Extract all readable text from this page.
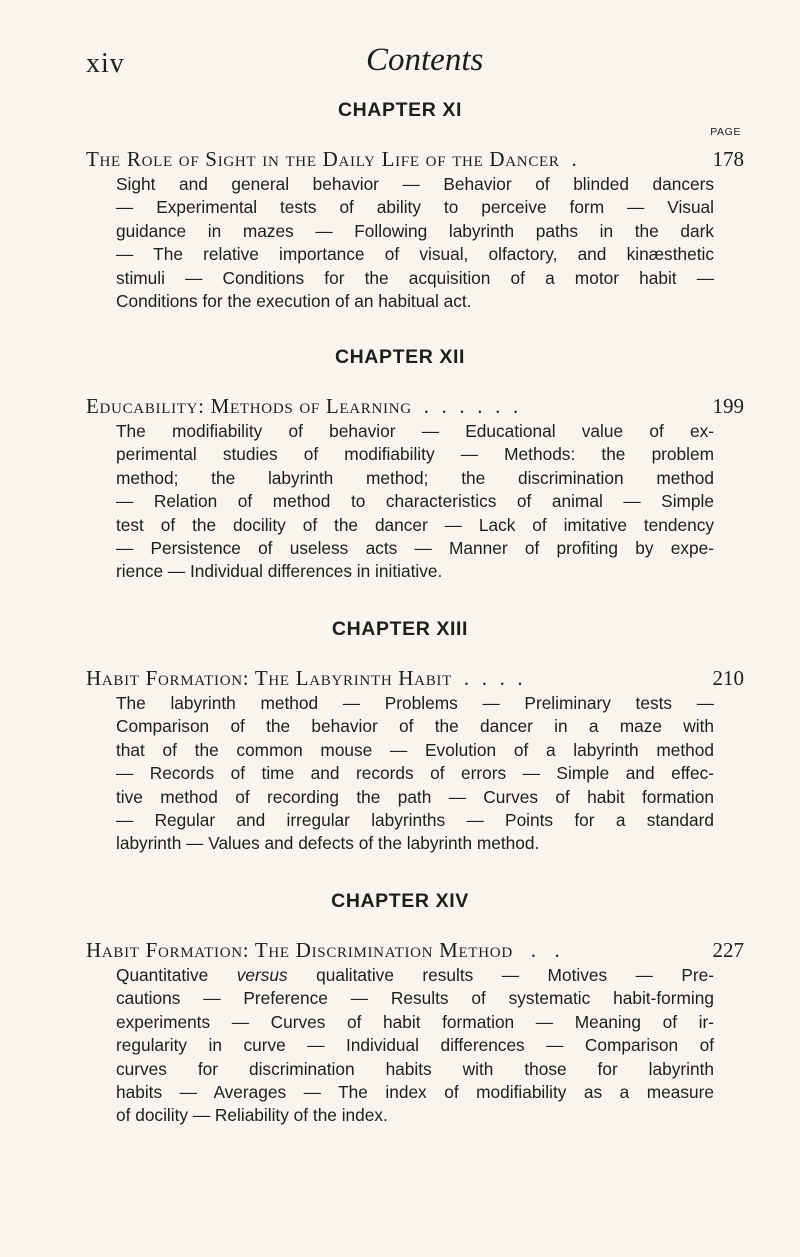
xiv	Contents
CHAPTER XI
PAGE
The Role of Sight in the Daily Life of the Dancer  .	178

Sight and general behavior — Behavior of blinded dancers
— Experimental tests of ability to perceive form — Visual
guidance in mazes — Following labyrinth paths in the dark
— The relative importance of visual, olfactory, and kinæsthetic
stimuli — Conditions for the acquisition of a motor habit —
Conditions for the execution of an habitual act.

CHAPTER XII
Educability: Methods of Learning  .  .  .  .  .  .	199

The modifiability of behavior — Educational value of ex-
perimental studies of modifiability — Methods: the problem
method; the labyrinth method; the discrimination method
— Relation of method to characteristics of animal — Simple
test of the docility of the dancer — Lack of imitative tendency
— Persistence of useless acts — Manner of profiting by expe-
rience — Individual differences in initiative.

CHAPTER XIII
Habit Formation: The Labyrinth Habit  .  .  .  .	210

The labyrinth method — Problems — Preliminary tests —
Comparison of the behavior of the dancer in a maze with
that of the common mouse — Evolution of a labyrinth method
— Records of time and records of errors — Simple and effec-
tive method of recording the path — Curves of habit formation
— Regular and irregular labyrinths — Points for a standard
labyrinth — Values and defects of the labyrinth method.

CHAPTER XIV
Habit Formation: The Discrimination Method   .   .	227

Quantitative versus qualitative results — Motives — Pre-
cautions — Preference — Results of systematic habit-forming
experiments — Curves of habit formation — Meaning of ir-
regularity in curve — Individual differences — Comparison of
curves for discrimination habits with those for labyrinth
habits — Averages — The index of modifiability as a measure
of docility — Reliability of the index.
